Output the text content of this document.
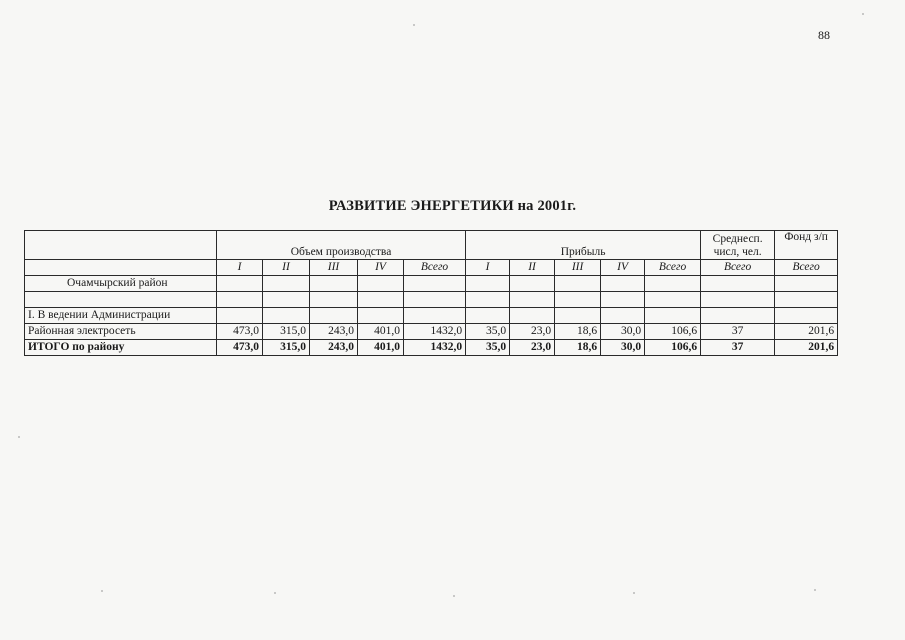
88
РАЗВИТИЕ ЭНЕРГЕТИКИ на 2001г.
	Объем производства					Прибыль					Среднесп. числ, чел.	Фонд з/п
	I	II	III	IV	Всего	I	II	III	IV	Всего	Всего	Всего
Очамчырский район												

I. В ведении Администрации												
Районная электросеть	473,0	315,0	243,0	401,0	1432,0	35,0	23,0	18,6	30,0	106,6	37	201,6
ИТОГО по району	473,0	315,0	243,0	401,0	1432,0	35,0	23,0	18,6	30,0	106,6	37	201,6
